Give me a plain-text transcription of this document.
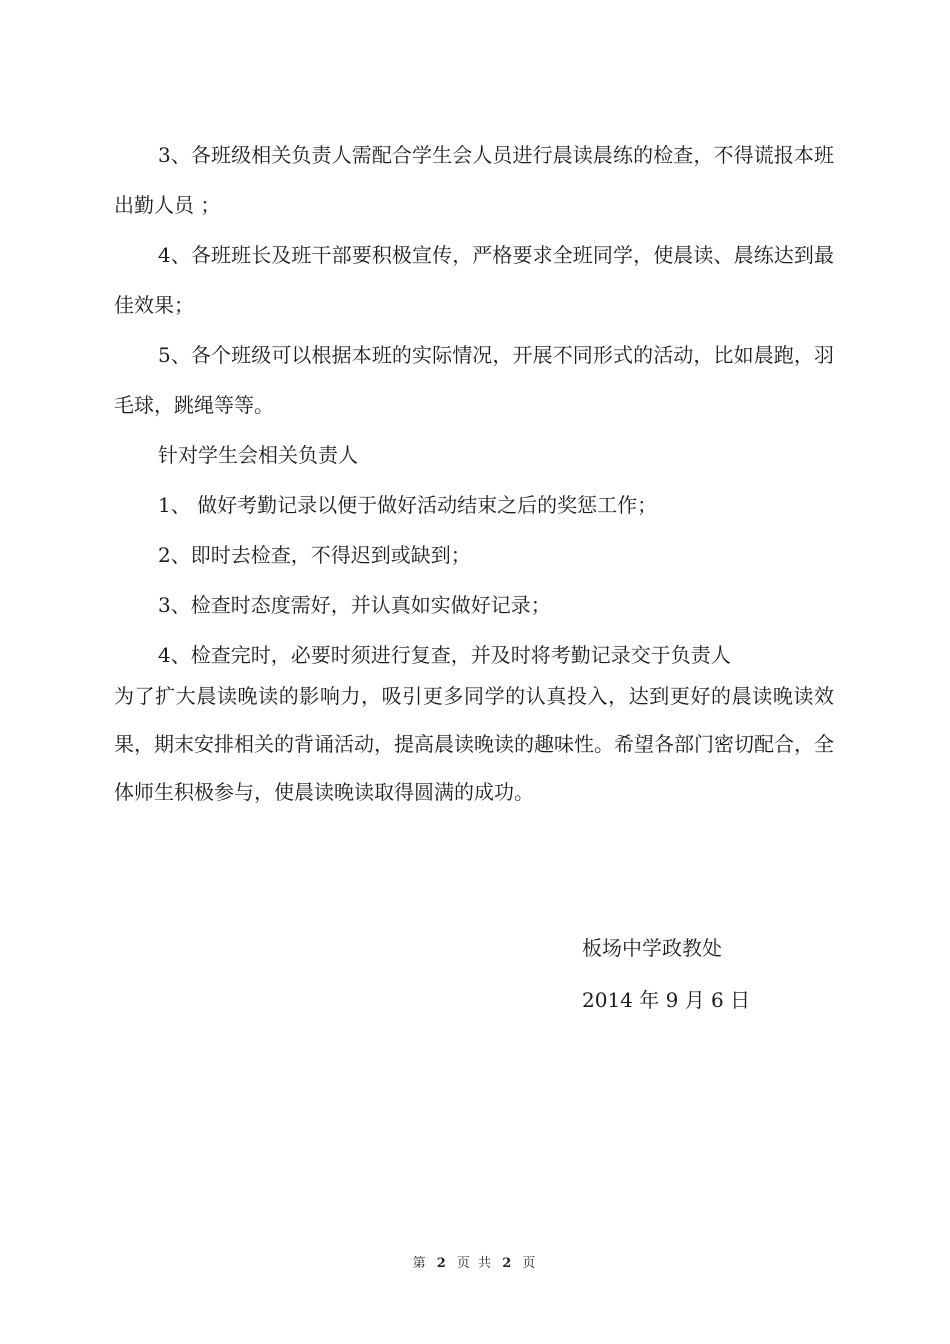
3、各班级相关负责人需配合学生会人员进行晨读晨练的检查，不得谎报本班出勤人员 ；

4、各班班长及班干部要积极宣传，严格要求全班同学，使晨读、晨练达到最佳效果；

5、各个班级可以根据本班的实际情况，开展不同形式的活动，比如晨跑，羽毛球，跳绳等等。

针对学生会相关负责人

1、 做好考勤记录以便于做好活动结束之后的奖惩工作；

2、即时去检查，不得迟到或缺到；

3、检查时态度需好，并认真如实做好记录；

4、检查完时，必要时须进行复查，并及时将考勤记录交于负责人

为了扩大晨读晚读的影响力，吸引更多同学的认真投入，达到更好的晨读晚读效果，期末安排相关的背诵活动，提高晨读晚读的趣味性。希望各部门密切配合，全体师生积极参与，使晨读晚读取得圆满的成功。

板场中学政教处
2014 年 9 月 6 日
第 2 页 共 2 页
